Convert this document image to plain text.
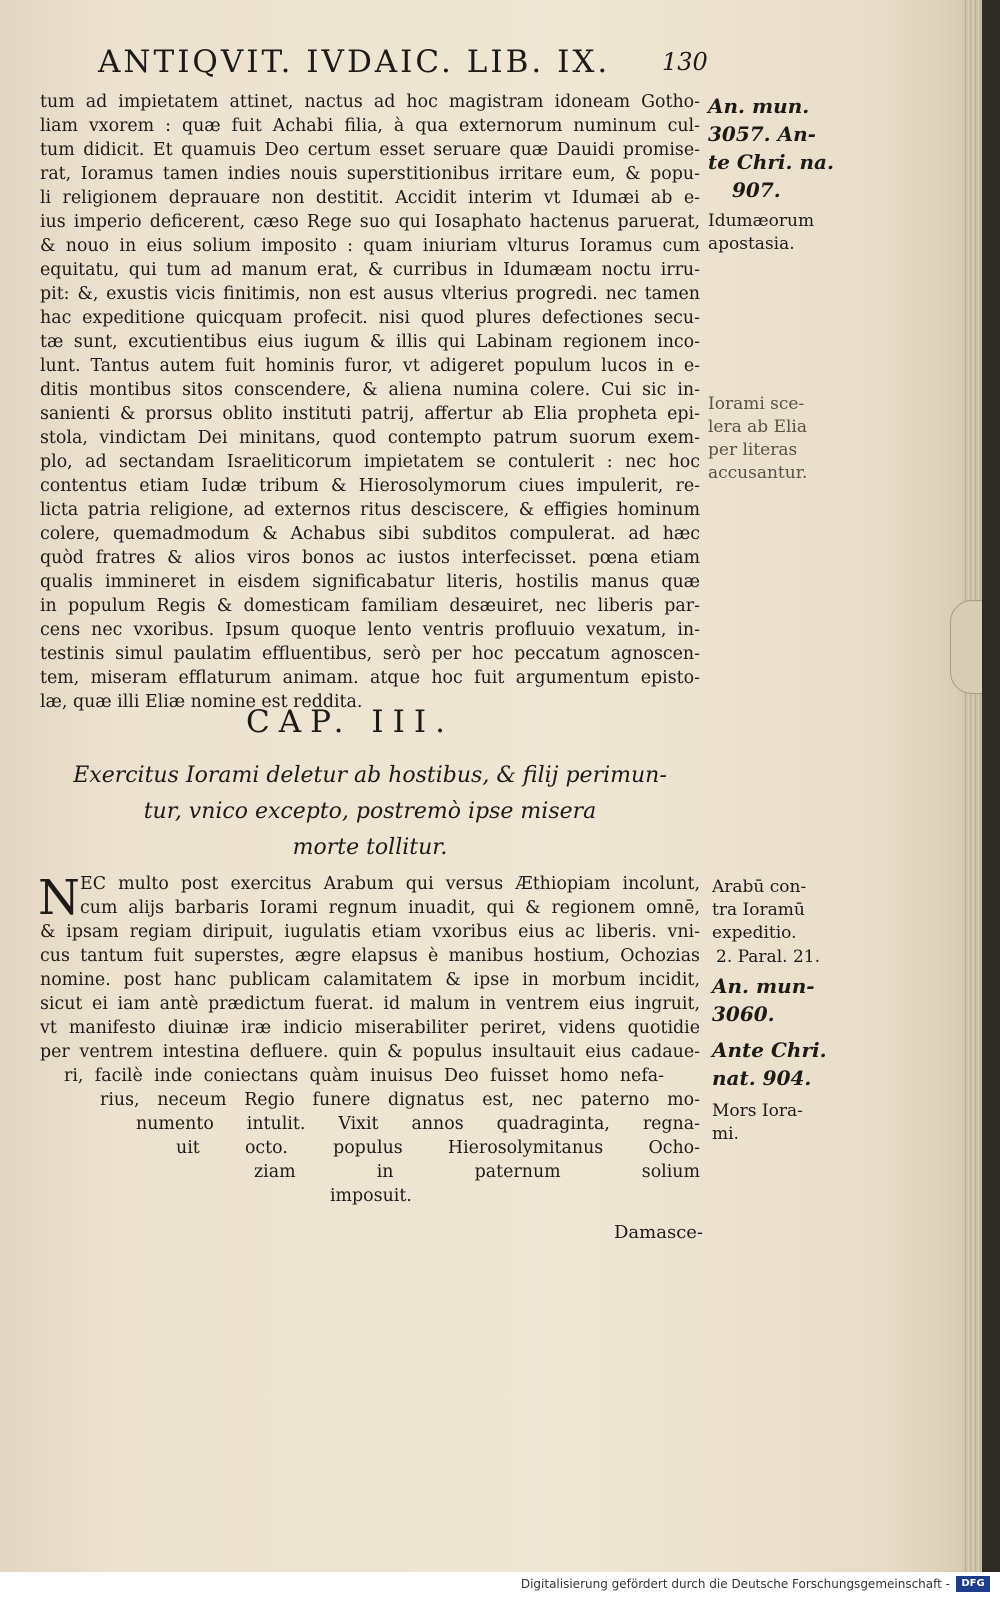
ANTIQVIT. IVDAIC. LIB. IX. 130
tum ad impietatem attinet, nactus ad hoc magistram idoneam Gotho-
liam vxorem : quæ fuit Achabi filia, à qua externorum numinum cul-
tum didicit. Et quamuis Deo certum esset seruare quæ Dauidi promise-
rat, Ioramus tamen indies nouis superstitionibus irritare eum, & popu-
li religionem deprauare non destitit. Accidit interim vt Idumæi ab e-
ius imperio deficerent, cæso Rege suo qui Iosaphato hactenus paruerat,
& nouo in eius solium imposito : quam iniuriam vlturus Ioramus cum
equitatu, qui tum ad manum erat, & curribus in Idumæam noctu irru-
pit: &, exustis vicis finitimis, non est ausus vlterius progredi. nec tamen
hac expeditione quicquam profecit. nisi quod plures defectiones secu-
tæ sunt, excutientibus eius iugum & illis qui Labinam regionem inco-
lunt. Tantus autem fuit hominis furor, vt adigeret populum lucos in e-
ditis montibus sitos conscendere, & aliena numina colere. Cui sic in-
sanienti & prorsus oblito instituti patrij, affertur ab Elia propheta epi-
stola, vindictam Dei minitans, quod contempto patrum suorum exem-
plo, ad sectandam Israeliticorum impietatem se contulerit : nec hoc
contentus etiam Iudæ tribum & Hierosolymorum ciues impulerit, re-
licta patria religione, ad externos ritus desciscere, & effigies hominum
colere, quemadmodum & Achabus sibi subditos compulerat. ad hæc
quòd fratres & alios viros bonos ac iustos interfecisset. pœna etiam
qualis immineret in eisdem significabatur literis, hostilis manus quæ
in populum Regis & domesticam familiam desæuiret, nec liberis par-
cens nec vxoribus. Ipsum quoque lento ventris profluuio vexatum, in-
testinis simul paulatim effluentibus, serò per hoc peccatum agnoscen-
tem, miseram efflaturum animam. atque hoc fuit argumentum episto-
læ, quæ illi Eliæ nomine est reddita.
An. mun.
3057. An-
te Chri. na.
907.
Idumæorum
apostasia.
Iorami sce-
lera ab Elia
per literas
accusantur.
Arabū con-
tra Ioramū
expeditio.
2. Paral. 21.
An. mun-
3060.
Ante Chri.
nat. 904.
Mors Iora-
mi.
CAP. III.
Exercitus Iorami deletur ab hostibus, & filij perimun-
tur, vnico excepto, postremò ipse misera
morte tollitur.
N EC multo post exercitus Arabum qui versus Æthiopiam incolunt,
cum alijs barbaris Iorami regnum inuadit, qui & regionem omnē,
& ipsam regiam diripuit, iugulatis etiam vxoribus eius ac liberis. vni-
cus tantum fuit superstes, ægre elapsus è manibus hostium, Ochozias
nomine. post hanc publicam calamitatem & ipse in morbum incidit,
sicut ei iam antè prædictum fuerat. id malum in ventrem eius ingruit,
vt manifesto diuinæ iræ indicio miserabiliter periret, videns quotidie
per ventrem intestina defluere. quin & populus insultauit eius cadaue-
ri, facilè inde coniectans quàm inuisus Deo fuisset homo nefa-
rius, neceum Regio funere dignatus est, nec paterno mo-
numento intulit. Vixit annos quadraginta, regna-
uit octo. populus Hierosolymitanus Ocho-
ziam in paternum solium
imposuit.
Damasce-
Digitalisierung gefördert durch die Deutsche Forschungsgemeinschaft -	DFG
